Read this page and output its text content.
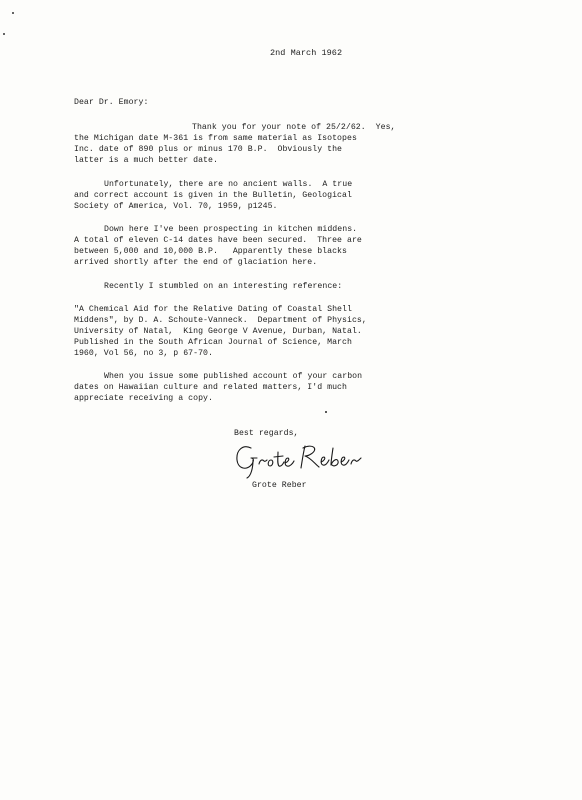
2nd March 1962
Dear Dr. Emory:
Thank you for your note of 25/2/62.  Yes,
the Michigan date M-361 is from same material as Isotopes
Inc. date of 890 plus or minus 170 B.P.  Obviously the
latter is a much better date.
Unfortunately, there are no ancient walls.  A true
and correct account is given in the Bulletin, Geological
Society of America, Vol. 70, 1959, p1245.
Down here I've been prospecting in kitchen middens.
A total of eleven C-14 dates have been secured.  Three are
between 5,000 and 10,000 B.P.   Apparently these blacks
arrived shortly after the end of glaciation here.
Recently I stumbled on an interesting reference:
"A Chemical Aid for the Relative Dating of Coastal Shell
Middens", by D. A. Schoute-Vanneck.  Department of Physics,
University of Natal,  King George V Avenue, Durban, Natal.
Published in the South African Journal of Science, March
1960, Vol 56, no 3, p 67-70.
When you issue some published account of your carbon
dates on Hawaiian culture and related matters, I'd much
appreciate receiving a copy.
Best regards,
Grote Reber
